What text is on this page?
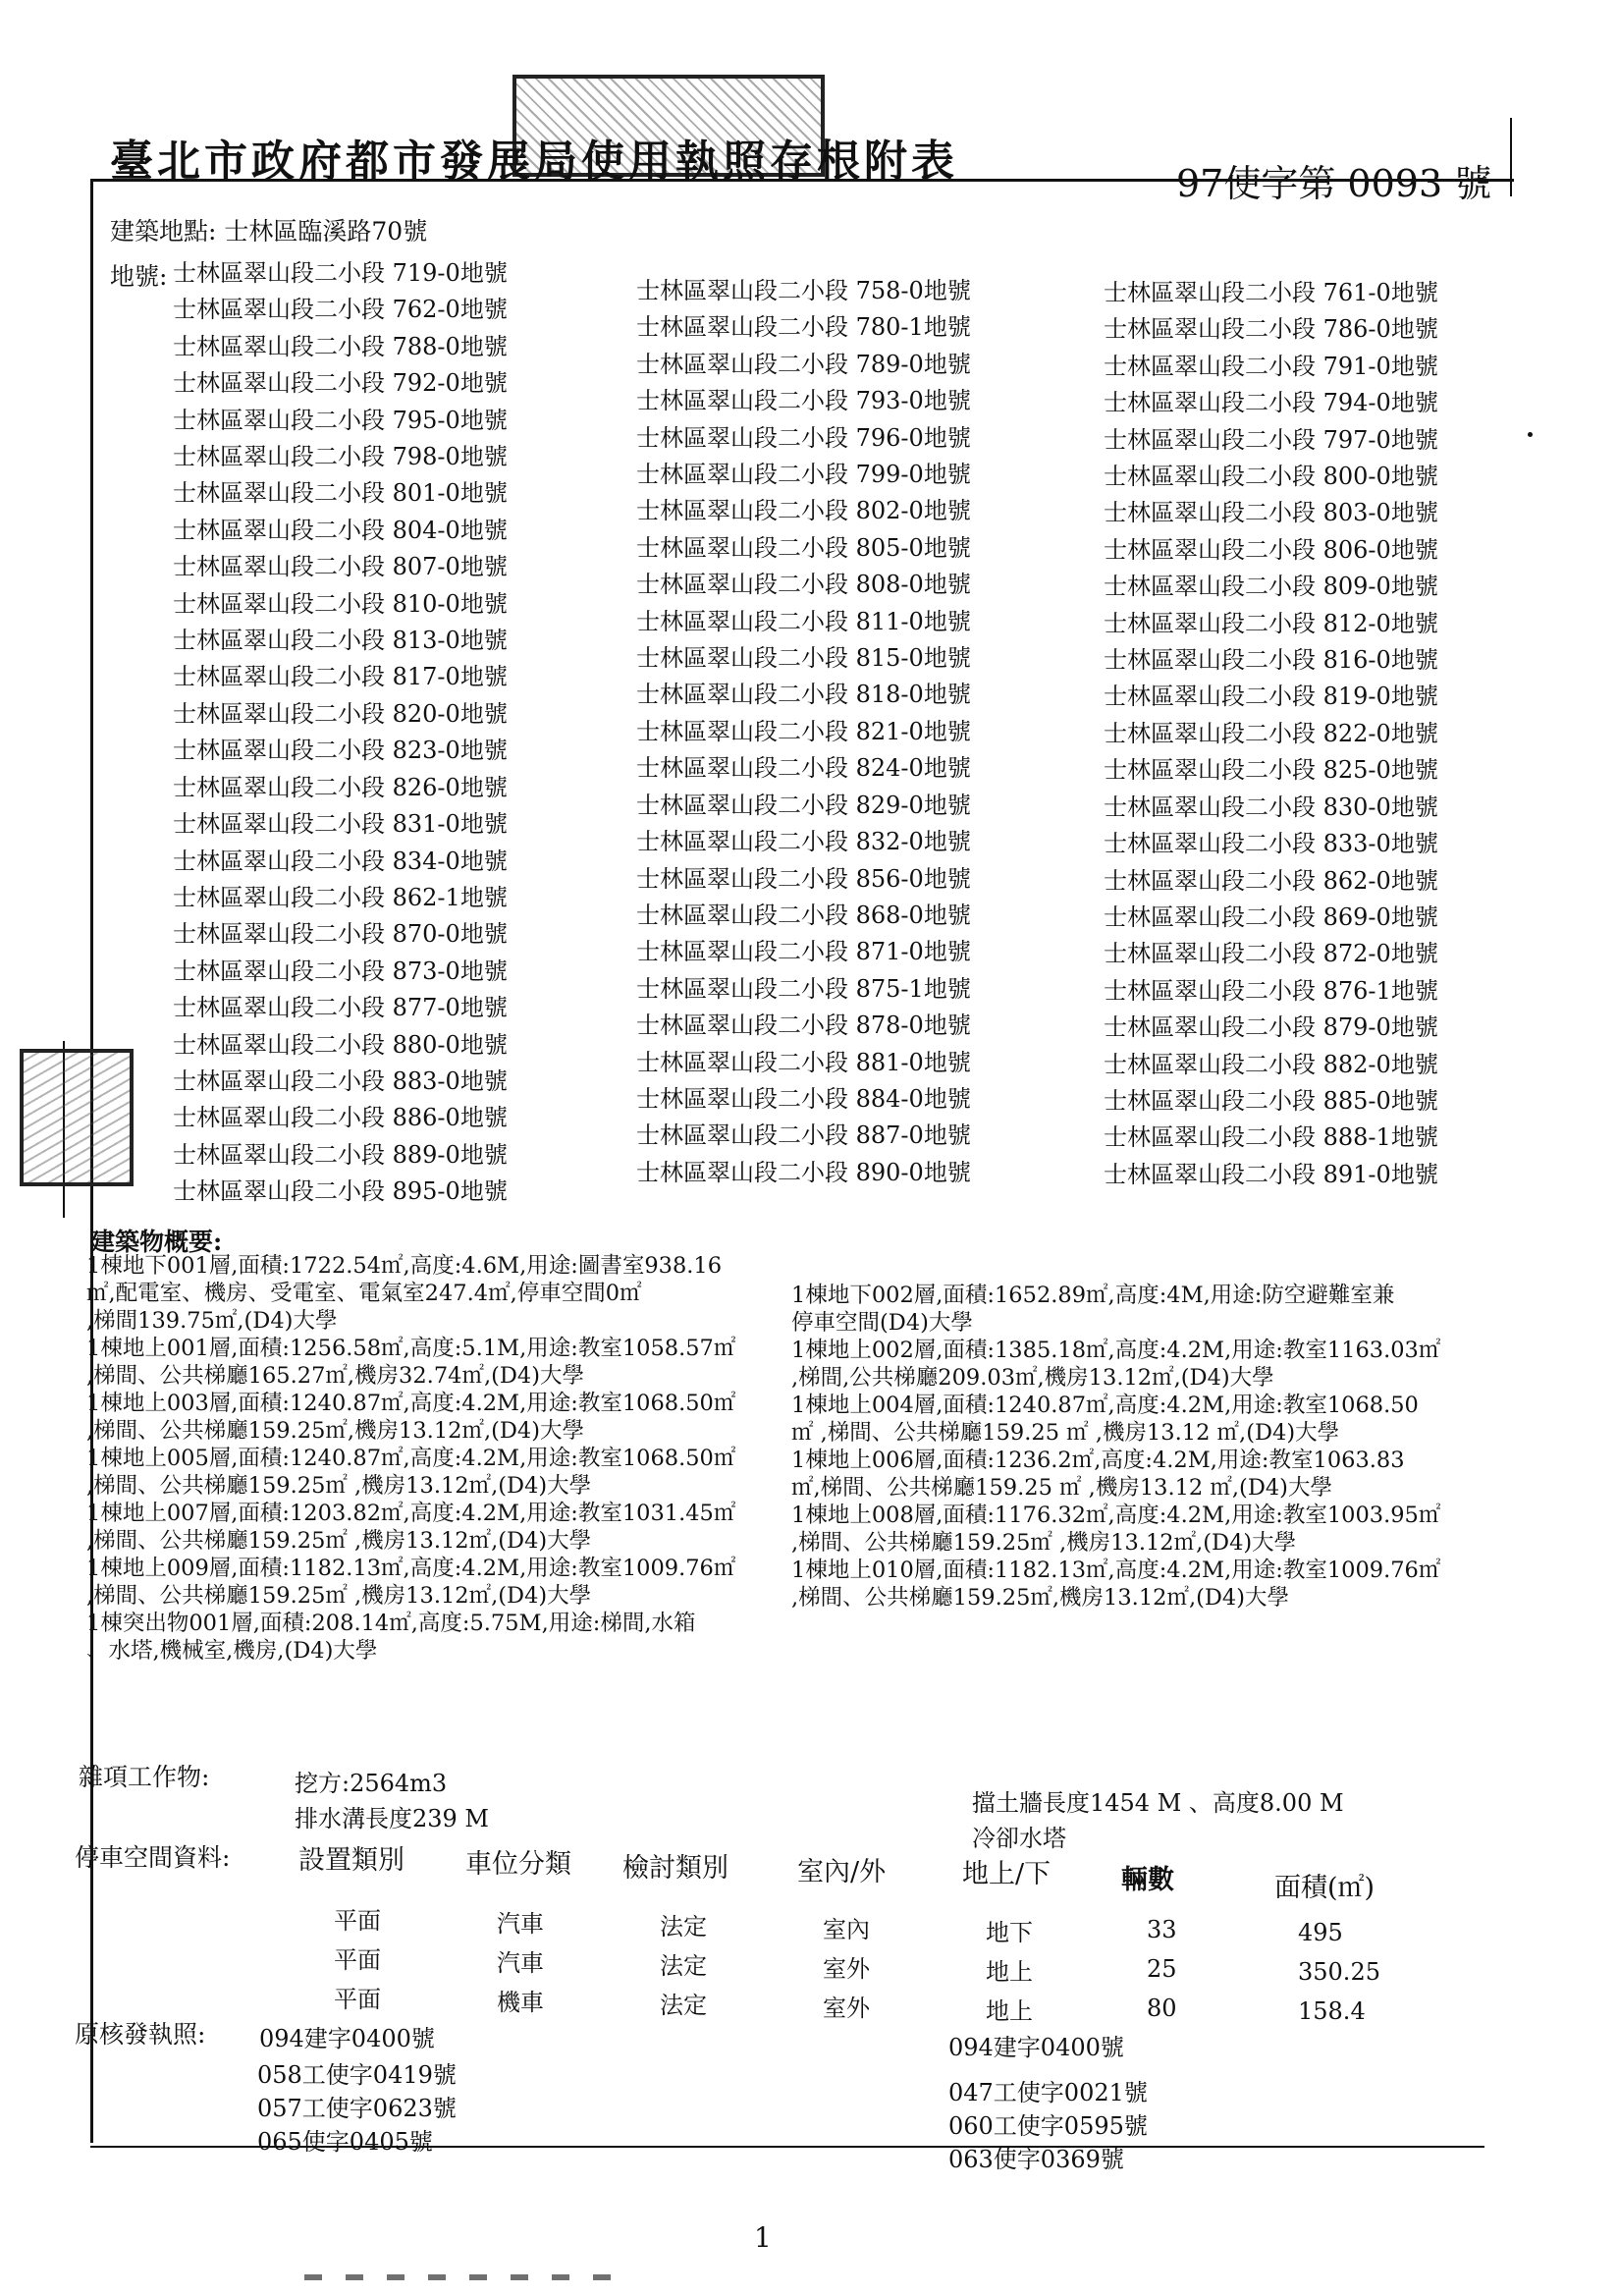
臺北市政府都市發展局使用執照存根附表	97使字第 0093 號
建築地點: 士林區臨溪路70號
地號: 士林區翠山段二小段 719-0地號
士林區翠山段二小段 762-0地號
士林區翠山段二小段 788-0地號
士林區翠山段二小段 792-0地號
士林區翠山段二小段 795-0地號
士林區翠山段二小段 798-0地號
士林區翠山段二小段 801-0地號
士林區翠山段二小段 804-0地號
士林區翠山段二小段 807-0地號
士林區翠山段二小段 810-0地號
士林區翠山段二小段 813-0地號
士林區翠山段二小段 817-0地號
士林區翠山段二小段 820-0地號
士林區翠山段二小段 823-0地號
士林區翠山段二小段 826-0地號
士林區翠山段二小段 831-0地號
士林區翠山段二小段 834-0地號
士林區翠山段二小段 862-1地號
士林區翠山段二小段 870-0地號
士林區翠山段二小段 873-0地號
士林區翠山段二小段 877-0地號
士林區翠山段二小段 880-0地號
士林區翠山段二小段 883-0地號
士林區翠山段二小段 886-0地號
士林區翠山段二小段 889-0地號
士林區翠山段二小段 895-0地號
士林區翠山段二小段 758-0地號
士林區翠山段二小段 780-1地號
士林區翠山段二小段 789-0地號
士林區翠山段二小段 793-0地號
士林區翠山段二小段 796-0地號
士林區翠山段二小段 799-0地號
士林區翠山段二小段 802-0地號
士林區翠山段二小段 805-0地號
士林區翠山段二小段 808-0地號
士林區翠山段二小段 811-0地號
士林區翠山段二小段 815-0地號
士林區翠山段二小段 818-0地號
士林區翠山段二小段 821-0地號
士林區翠山段二小段 824-0地號
士林區翠山段二小段 829-0地號
士林區翠山段二小段 832-0地號
士林區翠山段二小段 856-0地號
士林區翠山段二小段 868-0地號
士林區翠山段二小段 871-0地號
士林區翠山段二小段 875-1地號
士林區翠山段二小段 878-0地號
士林區翠山段二小段 881-0地號
士林區翠山段二小段 884-0地號
士林區翠山段二小段 887-0地號
士林區翠山段二小段 890-0地號
士林區翠山段二小段 761-0地號
士林區翠山段二小段 786-0地號
士林區翠山段二小段 791-0地號
士林區翠山段二小段 794-0地號
士林區翠山段二小段 797-0地號
士林區翠山段二小段 800-0地號
士林區翠山段二小段 803-0地號
士林區翠山段二小段 806-0地號
士林區翠山段二小段 809-0地號
士林區翠山段二小段 812-0地號
士林區翠山段二小段 816-0地號
士林區翠山段二小段 819-0地號
士林區翠山段二小段 822-0地號
士林區翠山段二小段 825-0地號
士林區翠山段二小段 830-0地號
士林區翠山段二小段 833-0地號
士林區翠山段二小段 862-0地號
士林區翠山段二小段 869-0地號
士林區翠山段二小段 872-0地號
士林區翠山段二小段 876-1地號
士林區翠山段二小段 879-0地號
士林區翠山段二小段 882-0地號
士林區翠山段二小段 885-0地號
士林區翠山段二小段 888-1地號
士林區翠山段二小段 891-0地號
建築物概要:
1棟地下001層,面積:1722.54㎡,高度:4.6M,用途:圖書室938.16
㎡,配電室、機房、受電室、電氣室247.4㎡,停車空間0㎡
,梯間139.75㎡,(D4)大學
1棟地上001層,面積:1256.58㎡,高度:5.1M,用途:教室1058.57㎡
,梯間、公共梯廳165.27㎡,機房32.74㎡,(D4)大學
1棟地上003層,面積:1240.87㎡,高度:4.2M,用途:教室1068.50㎡
,梯間、公共梯廳159.25㎡,機房13.12㎡,(D4)大學
1棟地上005層,面積:1240.87㎡,高度:4.2M,用途:教室1068.50㎡
,梯間、公共梯廳159.25㎡ ,機房13.12㎡,(D4)大學
1棟地上007層,面積:1203.82㎡,高度:4.2M,用途:教室1031.45㎡
,梯間、公共梯廳159.25㎡ ,機房13.12㎡,(D4)大學
1棟地上009層,面積:1182.13㎡,高度:4.2M,用途:教室1009.76㎡
,梯間、公共梯廳159.25㎡ ,機房13.12㎡,(D4)大學
1棟突出物001層,面積:208.14㎡,高度:5.75M,用途:梯間,水箱
、水塔,機械室,機房,(D4)大學
1棟地下002層,面積:1652.89㎡,高度:4M,用途:防空避難室兼
停車空間(D4)大學
1棟地上002層,面積:1385.18㎡,高度:4.2M,用途:教室1163.03㎡
,梯間,公共梯廳209.03㎡,機房13.12㎡,(D4)大學
1棟地上004層,面積:1240.87㎡,高度:4.2M,用途:教室1068.50
㎡ ,梯間、公共梯廳159.25 ㎡ ,機房13.12 ㎡,(D4)大學
1棟地上006層,面積:1236.2㎡,高度:4.2M,用途:教室1063.83
㎡,梯間、公共梯廳159.25 ㎡ ,機房13.12 ㎡,(D4)大學
1棟地上008層,面積:1176.32㎡,高度:4.2M,用途:教室1003.95㎡
,梯間、公共梯廳159.25㎡ ,機房13.12㎡,(D4)大學
1棟地上010層,面積:1182.13㎡,高度:4.2M,用途:教室1009.76㎡
,梯間、公共梯廳159.25㎡,機房13.12㎡,(D4)大學
雜項工作物:	挖方:2564m3
排水溝長度239 M
擋土牆長度1454 M 、高度8.00 M
冷卻水塔
停車空間資料:	設置類別 車位分類 檢討類別	室內/外	地上/下	輛數	面積(㎡)
平面	汽車	法定	室內	地下	33	495
平面	汽車	法定	室外	地上	25	350.25
平面	機車	法定	室外	地上	80	158.4
原核發執照: 094建字0400號
058工使字0419號
057工使字0623號
065使字0405號
094建字0400號
047工使字0021號
060工使字0595號
063使字0369號
1
